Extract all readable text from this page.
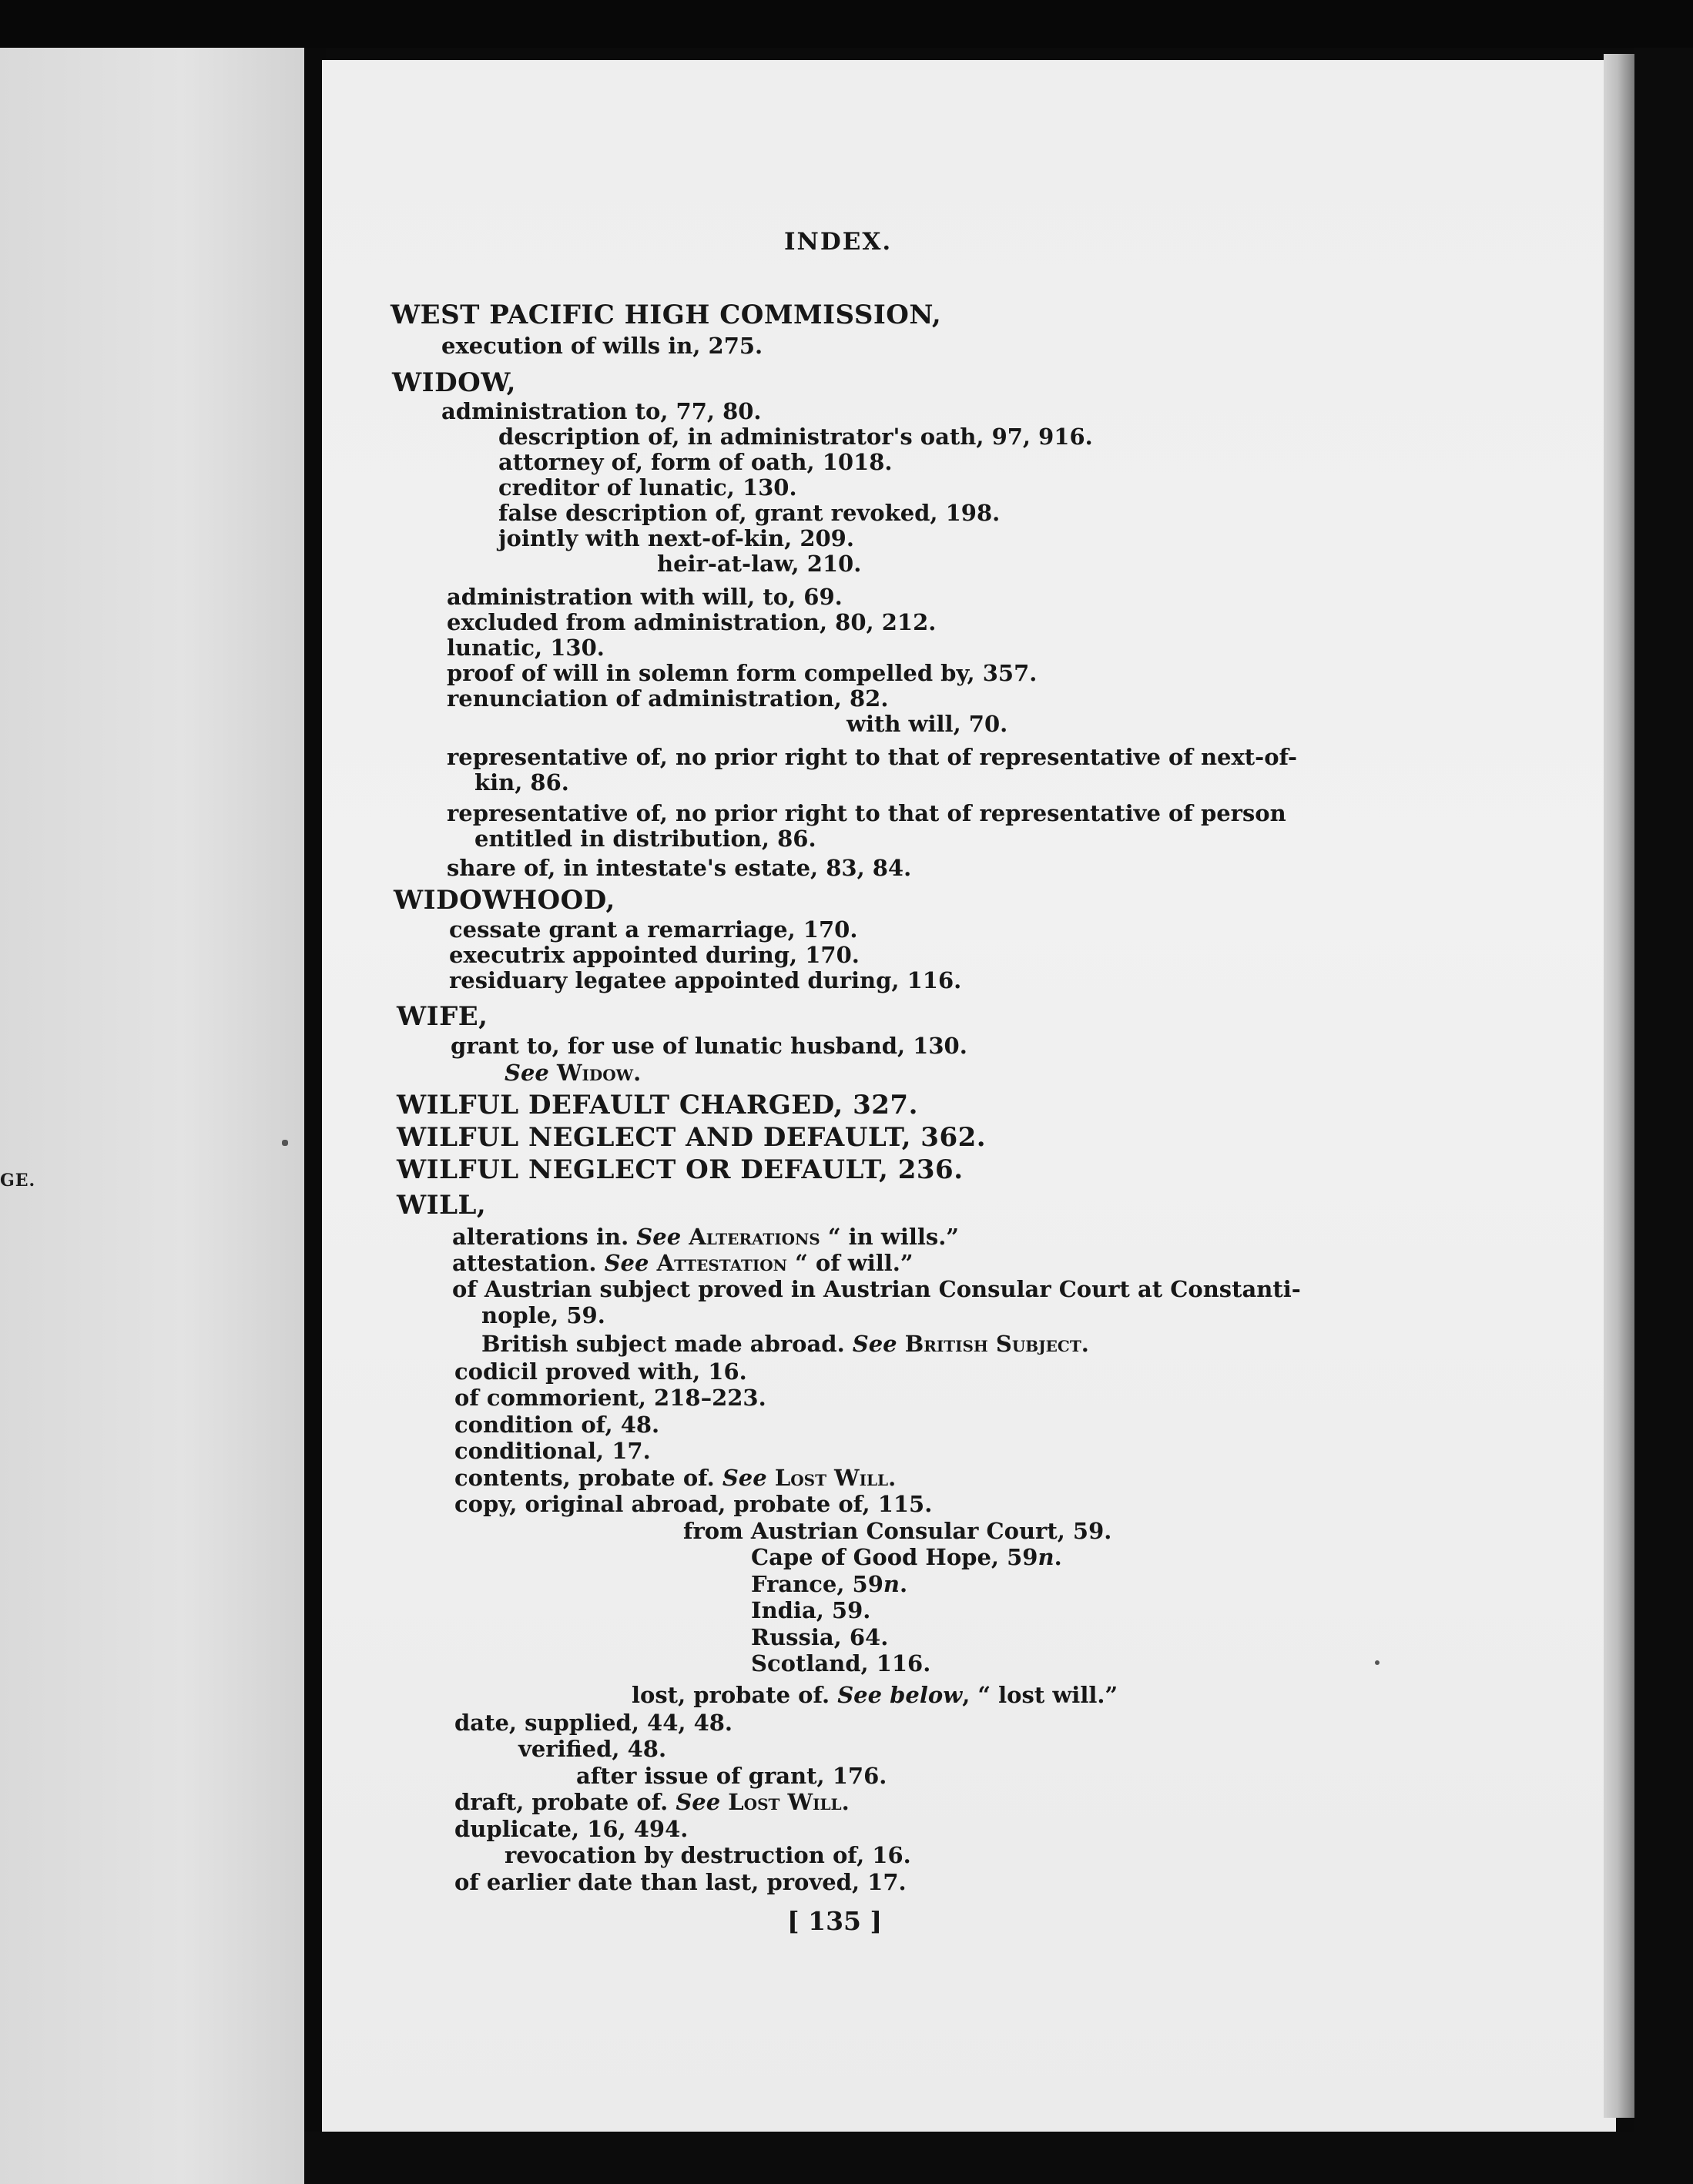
GE.
INDEX.
WEST PACIFIC HIGH COMMISSION,
execution of wills in, 275.
WIDOW,
administration to, 77, 80.
description of, in administrator's oath, 97, 916.
attorney of, form of oath, 1018.
creditor of lunatic, 130.
false description of, grant revoked, 198.
jointly with next-of-kin, 209.
heir-at-law, 210.
administration with will, to, 69.
excluded from administration, 80, 212.
lunatic, 130.
proof of will in solemn form compelled by, 357.
renunciation of administration, 82.
with will, 70.
representative of, no prior right to that of representative of next-of-
kin, 86.
representative of, no prior right to that of representative of person
entitled in distribution, 86.
share of, in intestate's estate, 83, 84.
WIDOWHOOD,
cessate grant a remarriage, 170.
executrix appointed during, 170.
residuary legatee appointed during, 116.
WIFE,
grant to, for use of lunatic husband, 130.
See Widow.
WILFUL DEFAULT CHARGED, 327.
WILFUL NEGLECT AND DEFAULT, 362.
WILFUL NEGLECT OR DEFAULT, 236.
WILL,
alterations in. See Alterations “ in wills.”
attestation. See Attestation “ of will.”
of Austrian subject proved in Austrian Consular Court at Constanti-
nople, 59.
British subject made abroad. See British Subject.
codicil proved with, 16.
of commorient, 218–223.
condition of, 48.
conditional, 17.
contents, probate of. See Lost Will.
copy, original abroad, probate of, 115.
from Austrian Consular Court, 59.
Cape of Good Hope, 59n.
France, 59n.
India, 59.
Russia, 64.
Scotland, 116.
lost, probate of. See below, “ lost will.”
date, supplied, 44, 48.
verified, 48.
after issue of grant, 176.
draft, probate of. See Lost Will.
duplicate, 16, 494.
revocation by destruction of, 16.
of earlier date than last, proved, 17.
[ 135 ]
